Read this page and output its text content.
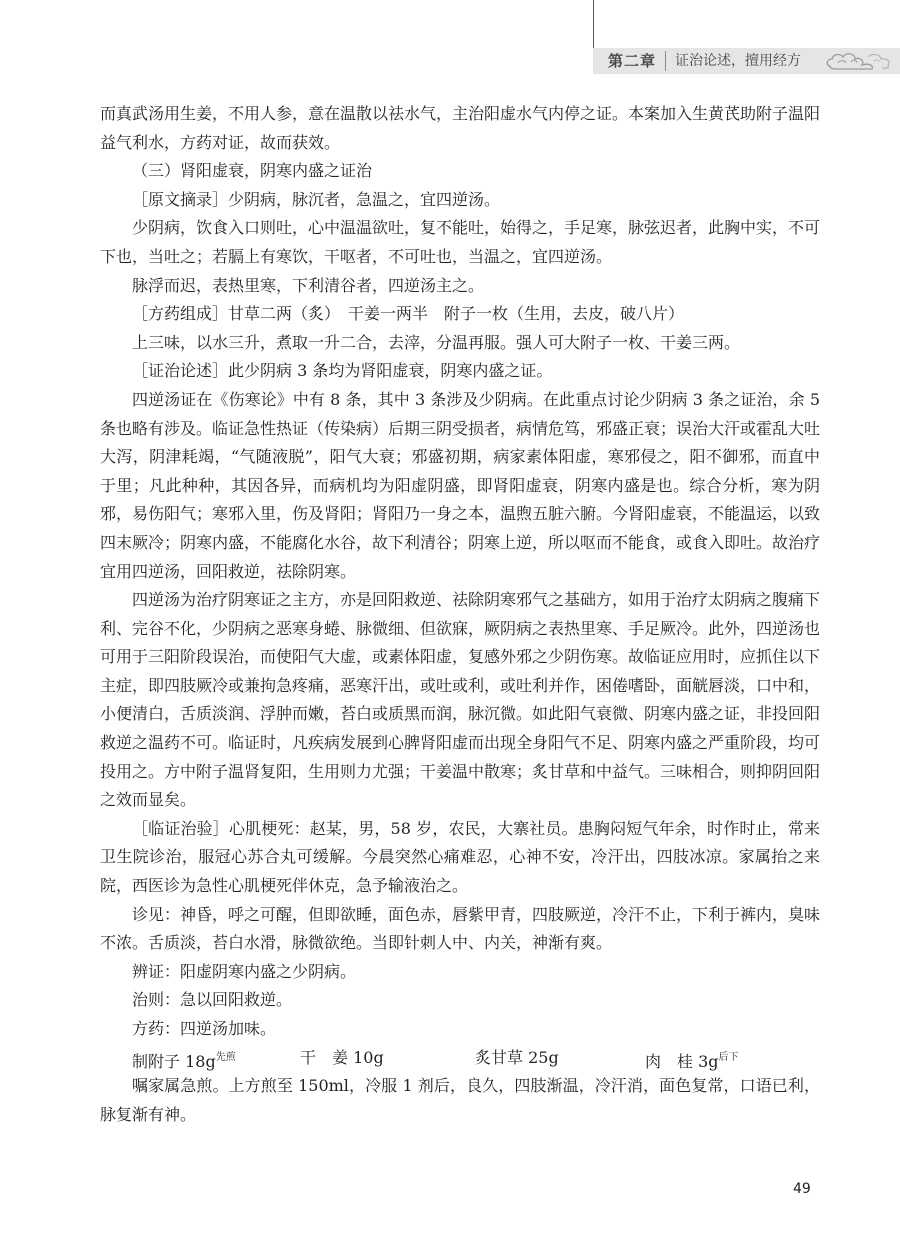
第二章 证治论述，擅用经方

而真武汤用生姜，不用人参，意在温散以祛水气，主治阳虚水气内停之证。本案加入生黄芪助附子温阳益气利水，方药对证，故而获效。

（三）肾阳虚衰，阴寒内盛之证治

［原文摘录］少阴病，脉沉者，急温之，宜四逆汤。

少阴病，饮食入口则吐，心中温温欲吐，复不能吐，始得之，手足寒，脉弦迟者，此胸中实，不可下也，当吐之；若膈上有寒饮，干呕者，不可吐也，当温之，宜四逆汤。

脉浮而迟，表热里寒，下利清谷者，四逆汤主之。

［方药组成］甘草二两（炙）　干姜一两半　附子一枚（生用，去皮，破八片）

上三味，以水三升，煮取一升二合，去滓，分温再服。强人可大附子一枚、干姜三两。

［证治论述］此少阴病 3 条均为肾阳虚衰，阴寒内盛之证。

四逆汤证在《伤寒论》中有 8 条，其中 3 条涉及少阴病。在此重点讨论少阴病 3 条之证治，余 5 条也略有涉及。临证急性热证（传染病）后期三阴受损者，病情危笃，邪盛正衰；误治大汗或霍乱大吐大泻，阴津耗竭，“气随液脱”，阳气大衰；邪盛初期，病家素体阳虚，寒邪侵之，阳不御邪，而直中于里；凡此种种，其因各异，而病机均为阳虚阴盛，即肾阳虚衰，阴寒内盛是也。综合分析，寒为阴邪，易伤阳气；寒邪入里，伤及肾阳；肾阳乃一身之本，温煦五脏六腑。今肾阳虚衰，不能温运，以致四末厥冷；阴寒内盛，不能腐化水谷，故下利清谷；阴寒上逆，所以呕而不能食，或食入即吐。故治疗宜用四逆汤，回阳救逆，祛除阴寒。

四逆汤为治疗阴寒证之主方，亦是回阳救逆、祛除阴寒邪气之基础方，如用于治疗太阴病之腹痛下利、完谷不化，少阴病之恶寒身蜷、脉微细、但欲寐，厥阴病之表热里寒、手足厥冷。此外，四逆汤也可用于三阳阶段误治，而使阳气大虚，或素体阳虚，复感外邪之少阴伤寒。故临证应用时，应抓住以下主症，即四肢厥冷或兼拘急疼痛，恶寒汗出，或吐或利，或吐利并作，困倦嗜卧，面觥唇淡，口中和，小便清白，舌质淡润、浮肿而嫩，苔白或质黑而润，脉沉微。如此阳气衰微、阴寒内盛之证，非投回阳救逆之温药不可。临证时，凡疾病发展到心脾肾阳虚而出现全身阳气不足、阴寒内盛之严重阶段，均可投用之。方中附子温肾复阳，生用则力尤强；干姜温中散寒；炙甘草和中益气。三味相合，则抑阴回阳之效而显矣。

［临证治验］心肌梗死：赵某，男，58 岁，农民，大寨社员。患胸闷短气年余，时作时止，常来卫生院诊治，服冠心苏合丸可缓解。今晨突然心痛难忍，心神不安，冷汗出，四肢冰凉。家属抬之来院，西医诊为急性心肌梗死伴休克，急予输液治之。

诊见：神昏，呼之可醒，但即欲睡，面色赤，唇紫甲青，四肢厥逆，冷汗不止，下利于裤内，臭味不浓。舌质淡，苔白水滑，脉微欲绝。当即针刺人中、内关，神渐有爽。

辨证：阳虚阴寒内盛之少阴病。

治则：急以回阳救逆。

方药：四逆汤加味。

制附子 $18g^{先煎}$	干　姜 10g	炙甘草 25g	肉　桂 $3g^{后下}$

嘱家属急煎。上方煎至 150ml，冷服 1 剂后，良久，四肢渐温，冷汗消，面色复常，口语已利，脉复渐有神。

49
